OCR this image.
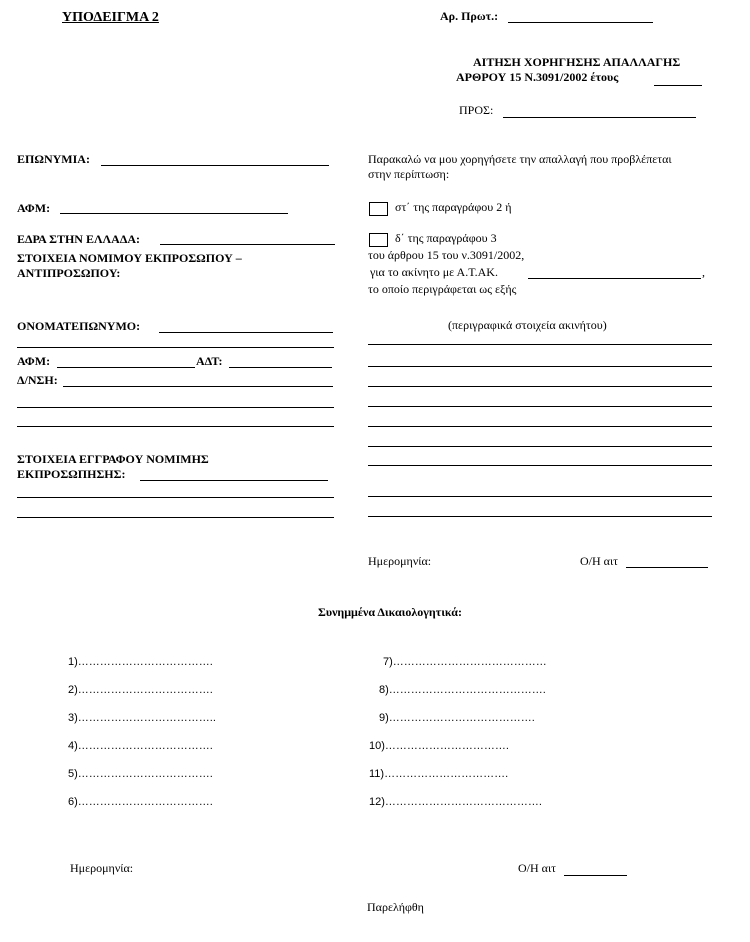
ΥΠΟΔΕΙΓΜΑ 2	Αρ. Πρωτ.:
ΑΙΤΗΣΗ ΧΟΡΗΓΗΣΗΣ ΑΠΑΛΛΑΓΗΣ
ΑΡΘΡΟΥ 15 Ν.3091/2002 έτους
ΠΡΟΣ:
ΕΠΩΝΥΜΙΑ:
ΑΦΜ:
ΕΔΡΑ ΣΤΗΝ ΕΛΛΑΔΑ:
ΣΤΟΙΧΕΙΑ ΝΟΜΙΜΟΥ ΕΚΠΡΟΣΩΠΟΥ –
ΑΝΤΙΠΡΟΣΩΠΟΥ:
ΟΝΟΜΑΤΕΠΩΝΥΜΟ:
ΑΦΜ:	ΑΔΤ:
Δ/ΝΣΗ:
ΣΤΟΙΧΕΙΑ ΕΓΓΡΑΦΟΥ ΝΟΜΙΜΗΣ
ΕΚΠΡΟΣΩΠΗΣΗΣ:
Παρακαλώ να μου χορηγήσετε την απαλλαγή που προβλέπεται
στην περίπτωση:
στ΄ της παραγράφου 2 ή
δ΄ της παραγράφου 3
του άρθρου 15 του ν.3091/2002,
για το ακίνητο με Α.Τ.ΑΚ.	,
το οποίο περιγράφεται ως εξής
(περιγραφικά στοιχεία ακινήτου)
Ημερομηνία:	Ο/Η αιτ
Συνημμένα Δικαιολογητικά:
1)……………………………….
2)……………………………….
3)………………………………..
4)……………………………….
5)……………………………….
6)……………………………….
7)……………………………………
8)…………………………………….
9)………………………………….
10)…………………………….
11)…………………………….
12)…………………………………….
Ημερομηνία:	Ο/Η αιτ
Παρελήφθη
